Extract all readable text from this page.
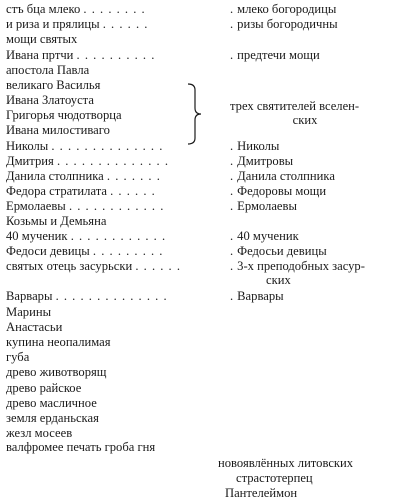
стъ бца млеко . . . . . . . .	. млеко богородицы
и риза и прялицы . . . . . .	. ризы богородичны
мощи святых
Ивана пртчи . . . . . . . . . .	. предтечи мощи
апостола Павла
великаго Василья
Ивана Златоуста
Григорья чюдотворца
Ивана милостиваго
трех святителей вселен-
ских
Николы . . . . . . . . . . . . . .	. Николы
Дмитрия . . . . . . . . . . . . . .	. Дмитровы
Данила столпника . . . . . . .	. Данила столпника
Федора стратилата . . . . . .	. Федоровы мощи
Ермолаевы . . . . . . . . . . . .	. Ермолаевы
Козьмы и Демьяна
40 мученик . . . . . . . . . . . .	. 40 мученик
Федоси девицы . . . . . . . . .	. Федосьи девицы
святых отець засурьски . . . . . .	. 3-х преподобных засур-
ских
Варвары . . . . . . . . . . . . . .	. Варвары
Марины
Анастасьи
купина неопалимая
губа
древо животворящ
древо райское
древо масличное
земля ерданьская
жезл мосеев
валфромее печать гроба гня
новоявлённых литовских
страстотерпец
Пантелеймон
